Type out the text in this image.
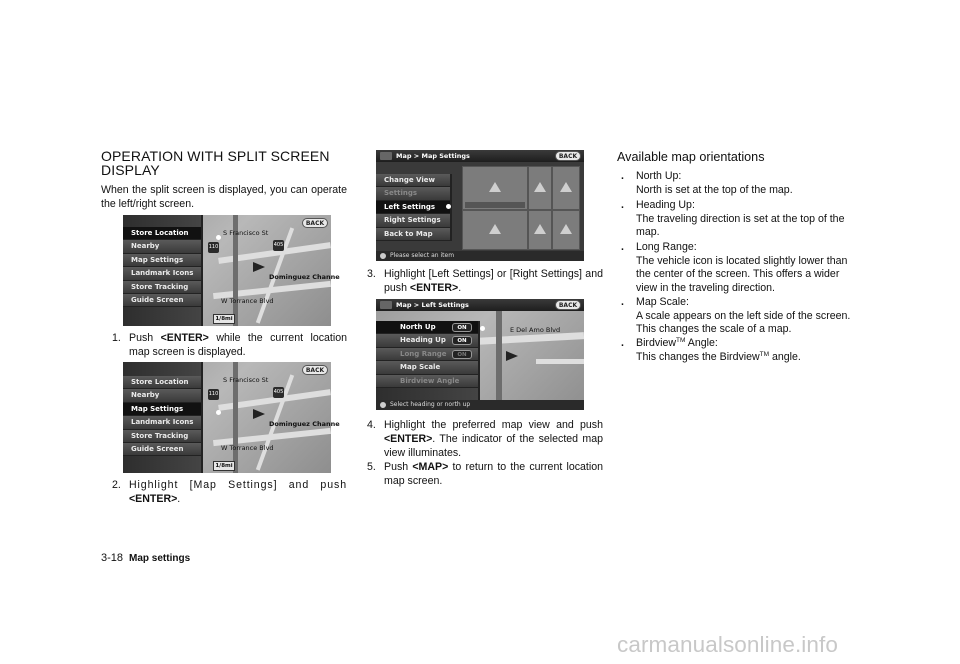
OPERATION WITH SPLIT SCREEN
DISPLAY
When the split screen is displayed, you can operate the left/right screen.
Store Location
Nearby
Map Settings
Landmark Icons
Store Tracking
Guide Screen
BACK
110	405
S Francisco St
Dominguez Channe
W Torrance Blvd
1/8mi
1. Push <ENTER> while the current location map screen is displayed.
Store Location
Nearby
Map Settings
Landmark Icons
Store Tracking
Guide Screen
BACK
110	405
S Francisco St
Dominguez Channe
W Torrance Blvd
1/8mi
2. Highlight [Map Settings] and push <ENTER>.
Map > Map Settings	BACK
Change View
Settings
Left Settings
Right Settings
Back to Map
Please select an item
3. Highlight [Left Settings] or [Right Settings] and push <ENTER>.
Map > Left Settings	BACK
North Up	ON
Heading Up	ON
Long Range	ON
Map Scale
Birdview Angle
E Del Amo Blvd
Select heading or north up
4. Highlight the preferred map view and push <ENTER>. The indicator of the selected map view illuminates.
5. Push <MAP> to return to the current location map screen.
Available map orientations
.	North Up:
North is set at the top of the map.
.	Heading Up:
The traveling direction is set at the top of the map.
.	Long Range:
The vehicle icon is located slightly lower than the center of the screen. This offers a wider view in the traveling direction.
.	Map Scale:
A scale appears on the left side of the screen. This changes the scale of a map.
.	Birdview™ Angle:
This changes the Birdview™ angle.
3-18 Map settings
carmanualsonline.info
